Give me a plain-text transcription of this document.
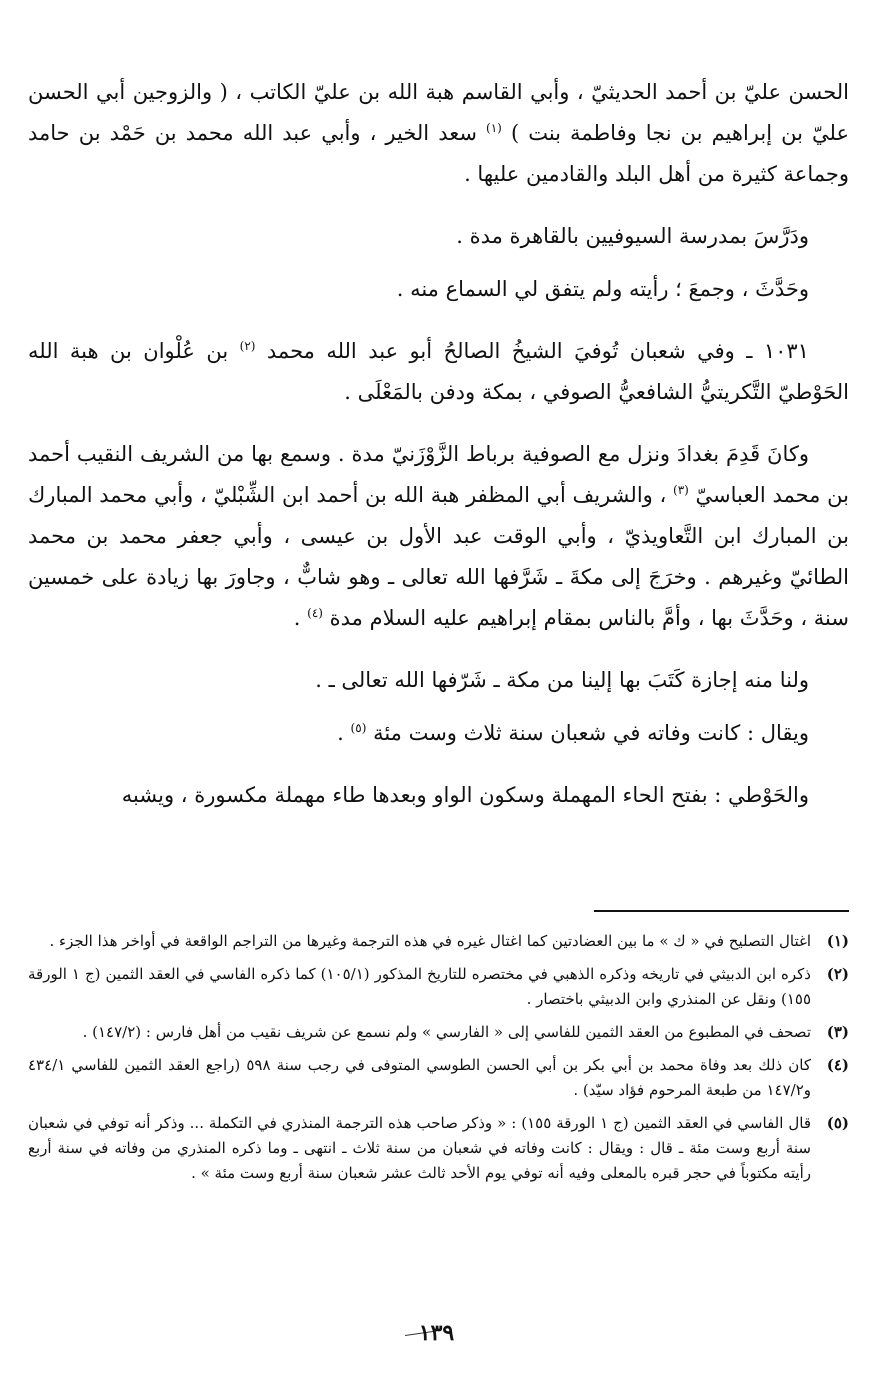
الحسن عليّ بن أحمد الحديثيّ ، وأبي القاسم هبة الله بن عليّ الكاتب ، ( والزوجين أبي الحسن عليّ بن إبراهيم بن نجا وفاطمة بنت ) $^{(١)}$ سعد الخير ، وأبي عبد الله محمد بن حَمْد بن حامد وجماعة كثيرة من أهل البلد والقادمين عليها .

ودَرَّسَ بمدرسة السيوفيين بالقاهرة مدة .

وحَدَّثَ ، وجمعَ ؛ رأيته ولم يتفق لي السماع منه .

١٠٣١ ـ وفي شعبان تُوفيَ الشيخُ الصالحُ أبو عبد الله محمد $^{(٢)}$ بن عُلْوان بن هبة الله الحَوْطيّ التَّكريتيُّ الشافعيُّ الصوفي ، بمكة ودفن بالمَعْلَى .

وكانَ قَدِمَ بغدادَ ونزل مع الصوفية برباط الزَّوْزَنيّ مدة . وسمع بها من الشريف النقيب أحمد بن محمد العباسيّ $^{(٣)}$ ، والشريف أبي المظفر هبة الله بن أحمد ابن الشِّبْليّ ، وأبي محمد المبارك بن المبارك ابن التَّعاويذيّ ، وأبي الوقت عبد الأول بن عيسى ، وأبي جعفر محمد بن محمد الطائيّ وغيرهم . وخرَجَ إلى مكةَ ـ شَرَّفها الله تعالى ـ وهو شابٌّ ، وجاورَ بها زيادة على خمسين سنة ، وحَدَّثَ بها ، وأمَّ بالناس بمقام إبراهيم عليه السلام مدة $^{(٤)}$ .

ولنا منه إجازة كَتَبَ بها إلينا من مكة ـ شَرّفها الله تعالى ـ .

ويقال : كانت وفاته في شعبان سنة ثلاث وست مئة $^{(٥)}$ .

والحَوْطي : بفتح الحاء المهملة وسكون الواو وبعدها طاء مهملة مكسورة ، ويشبه

(١)
اغتال التصليح في « ك » ما بين العضادتين كما اغتال غيره في هذه الترجمة وغيرها من التراجم الواقعة في أواخر هذا الجزء .
(٢)
ذكره ابن الدبيثي في تاريخه وذكره الذهبي في مختصره للتاريخ المذكور (١٠٥/١) كما ذكره الفاسي في العقد الثمين (ج ١ الورقة ١٥٥) ونقل عن المنذري وابن الدبيثي باختصار .
(٣)
تصحف في المطبوع من العقد الثمين للفاسي إلى « الفارسي » ولم نسمع عن شريف نقيب من أهل فارس : (١٤٧/٢) .
(٤)
كان ذلك بعد وفاة محمد بن أبي بكر بن أبي الحسن الطوسي المتوفى في رجب سنة ٥٩٨ (راجع العقد الثمين للفاسي ٤٣٤/١ و١٤٧/٢ من طبعة المرحوم فؤاد سيّد) .
(٥)
قال الفاسي في العقد الثمين (ج ١ الورقة ١٥٥) : « وذكر صاحب هذه الترجمة المنذري في التكملة ... وذكر أنه توفي في شعبان سنة أربع وست مئة ـ قال : ويقال : كانت وفاته في شعبان من سنة ثلاث ـ انتهى ـ وما ذكره المنذري من وفاته في سنة أربع رأيته مكتوباً في حجر قبره بالمعلى وفيه أنه توفي يوم الأحد ثالث عشر شعبان سنة أربع وست مئة » .
١٣٩
